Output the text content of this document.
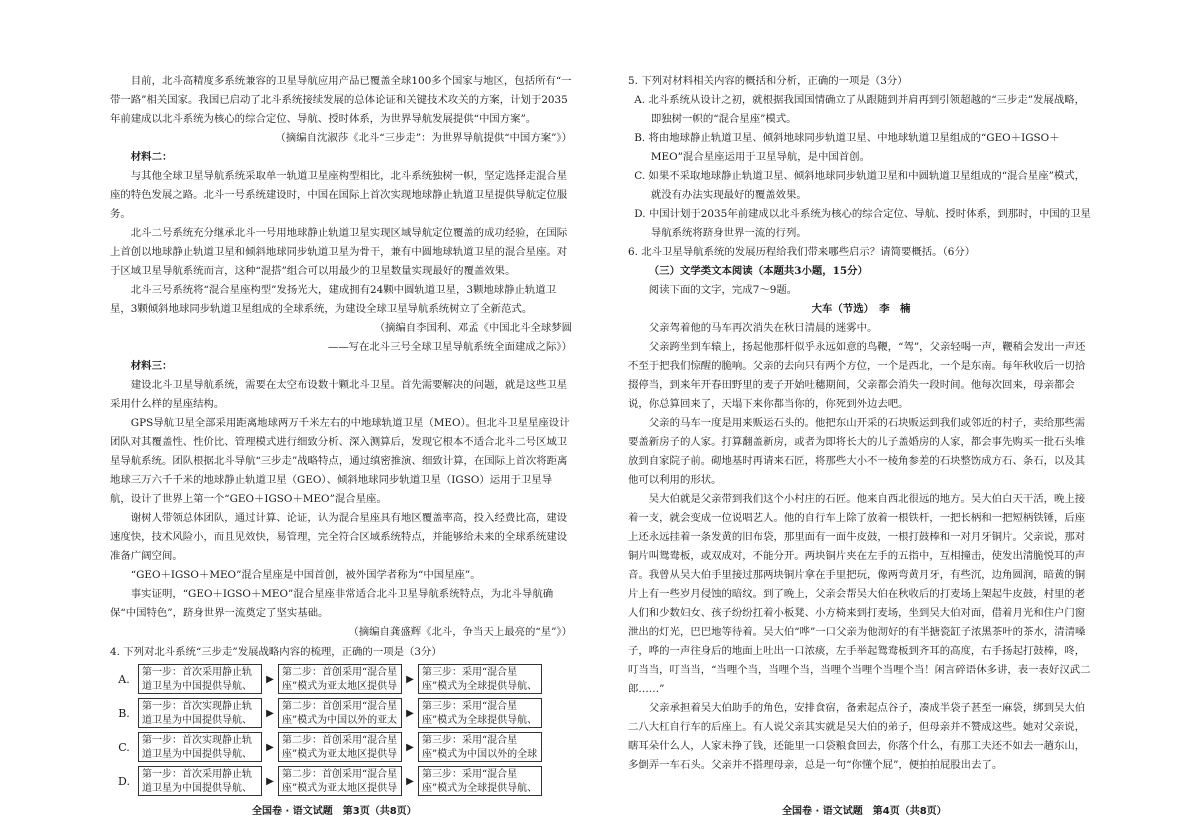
目前，北斗高精度多系统兼容的卫星导航应用产品已覆盖全球100多个国家与地区，包括所有“一带一路”相关国家。我国已启动了北斗系统接续发展的总体论证和关键技术攻关的方案，计划于2035年前建成以北斗系统为核心的综合定位、导航、授时体系，为世界导航发展提供“中国方案”。

（摘编自沈淑莎《北斗“三步走”：为世界导航提供“中国方案”》）

材料二：

与其他全球卫星导航系统采取单一轨道卫星座构型相比，北斗系统独树一帜，坚定选择走混合星座的特色发展之路。北斗一号系统建设时，中国在国际上首次实现地球静止轨道卫星提供导航定位服务。

北斗二号系统充分继承北斗一号用地球静止轨道卫星实现区域导航定位覆盖的成功经验，在国际上首创以地球静止轨道卫星和倾斜地球同步轨道卫星为骨干，兼有中圆地球轨道卫星的混合星座。对于区域卫星导航系统而言，这种“混搭”组合可以用最少的卫星数量实现最好的覆盖效果。

北斗三号系统将“混合星座构型”发扬光大，建成拥有24颗中圆轨道卫星，3颗地球静止轨道卫星，3颗倾斜地球同步轨道卫星组成的全球系统，为建设全球卫星导航系统树立了全新范式。

（摘编自李国利、邓孟《中国北斗全球梦圆

——写在北斗三号全球卫星导航系统全面建成之际》）

材料三：

建设北斗卫星导航系统，需要在太空布设数十颗北斗卫星。首先需要解决的问题，就是这些卫星采用什么样的星座结构。

GPS导航卫星全部采用距离地球两万千米左右的中地球轨道卫星（MEO）。但北斗卫星星座设计团队对其覆盖性、性价比、管理模式进行细致分析、深入测算后，发现它根本不适合北斗二号区域卫星导航系统。团队根据北斗导航“三步走”战略特点，通过缜密推演、细致计算，在国际上首次将距离地球三万六千千米的地球静止轨道卫星（GEO）、倾斜地球同步轨道卫星（IGSO）运用于卫星导航，设计了世界上第一个“GEO＋IGSO＋MEO”混合星座。

谢树人带领总体团队，通过计算、论证，认为混合星座具有地区覆盖率高，投入经费比高，建设速度快，技术风险小，而且见效快，易管理，完全符合区域系统特点，并能够给未来的全球系统建设准备广阔空间。

“GEO＋IGSO＋MEO”混合星座是中国首创，被外国学者称为“中国星座”。

事实证明，“GEO＋IGSO＋MEO”混合星座非常适合北斗卫星导航系统特点，为北斗导航确保“中国特色”，跻身世界一流奠定了坚实基础。

（摘编自龚盛辉《北斗，争当天上最亮的“星”》）

4. 下列对北斗系统“三步走”发展战略内容的梳理，正确的一项是（3分）

A.	第一步：首次采用静止轨道卫星为中国提供导航、
▶
第二步：首创采用“混合星座”模式为亚太地区提供导
▶
第三步：采用“混合星座”模式为全球提供导航、
B.	第一步：首次实现静止轨道卫星为中国提供导航、
▶
第二步：首创采用“混合星座”模式为中国以外的亚太
▶
第三步：采用“混合星座”模式为全球提供导航、
C.	第一步：首次实现静止轨道卫星为中国提供导航、
▶
第二步：首创采用“混合星座”模式为亚太地区提供导
▶
第三步：采用“混合星座”模式为中国以外的全球
D.	第一步：首次采用静止轨道卫星为中国提供导航、
▶
第二步：首创采用“混合星座”模式为亚太地区提供导
▶
第三步：采用“混合星座”模式为全球提供导航、

5. 下列对材料相关内容的概括和分析，正确的一项是（3分）

A. 北斗系统从设计之初，就根据我国国情确立了从跟随到并肩再到引领超越的“三步走”发展战略，即独树一帜的“混合星座”模式。

B. 将由地球静止轨道卫星、倾斜地球同步轨道卫星、中地球轨道卫星组成的“GEO＋IGSO＋MEO”混合星座运用于卫星导航，是中国首创。

C. 如果不采取地球静止轨道卫星、倾斜地球同步轨道卫星和中圆轨道卫星组成的“混合星座”模式，就没有办法实现最好的覆盖效果。

D. 中国计划于2035年前建成以北斗系统为核心的综合定位、导航、授时体系，到那时，中国的卫星导航系统将跻身世界一流的行列。

6. 北斗卫星导航系统的发展历程给我们带来哪些启示？请简要概括。（6分）

（三）文学类文本阅读（本题共3小题，15分）

阅读下面的文字，完成7～9题。

大车（节选）　李　楠

父亲驾着他的马车再次消失在秋日清晨的迷雾中。

父亲跨坐到车辕上，扬起他那杆似乎永远如意的鸟鞭，“驾”，父亲轻喝一声，鞭稍会发出一声还不至于把我们惊醒的脆响。父亲的去向只有两个方位，一个是西北，一个是东南。每年秋收后一切拾掇停当，到来年开春田野里的麦子开始吐穗期间，父亲都会消失一段时间。他每次回来，母亲都会说，你总算回来了，天塌下来你都当你的，你死到外边去吧。

父亲的马车一度是用来贩运石头的。他把东山开采的石块贩运到我们或邻近的村子，卖给那些需要盖新房子的人家。打算翻盖新房，或者为即将长大的儿子盖婚房的人家，都会事先购买一批石头堆放到自家院子前。砌地基时再请来石匠，将那些大小不一棱角参差的石块整饬成方石、条石，以及其他可以利用的形状。

吴大伯就是父亲带到我们这个小村庄的石匠。他来自西北很远的地方。吴大伯白天干活，晚上接着一支，就会变成一位说唱艺人。他的自行车上除了放着一根铁杆，一把长柄和一把短柄铁锤，后座上还永远挂着一条发黄的旧布袋，那里面有一面牛皮鼓，一根打鼓棒和一对月牙铜片。父亲说，那对铜片叫鸳鸯板，或双成对，不能分开。两块铜片夹在左手的五指中，互相撞击，使发出清脆悦耳的声音。我曾从吴大伯手里接过那两块铜片拿在手里把玩，像两弯黄月牙，有些沉，边角圆润，暗黄的铜片上有一些岁月侵蚀的暗纹。到了晚上，父亲会帮吴大伯在秋收后的打麦场上架起牛皮鼓，村里的老人们和少数妇女、孩子纷纷扛着小板凳、小方椅来到打麦场，坐到吴大伯对面，借着月光和住户门窗泄出的灯光，巴巴地等待着。吴大伯“哗”一口父亲为他沏好的有半搪瓷缸子浓黑茶叶的茶水，清清嗓子，哗的一声往身后的地面上吐出一口浓痰，左手举起鸳鸯板到齐耳的高度，右手扬起打鼓棒，咚，叮当当，叮当当，“当哩个当，当哩个当，当哩个当哩个当哩个当！闲言碎语休多讲，表一表好汉武二郎……”

父亲承担着吴大伯助手的角色，安排食宿，备索起点谷子，凑成半袋子甚至一麻袋，绑到吴大伯二八大杠自行车的后座上。有人说父亲其实就是吴大伯的弟子，但母亲并不赞成这些。她对父亲说，瞎耳朵什么人，人家未挣了钱，还能里一口袋粮食回去，你落个什么，有那工夫还不如去一趟东山，多倒弄一车石头。父亲并不搭理母亲，总是一句“你懂个屁”，便拍拍屁股出去了。

全国卷 · 语文试题　第3页（共8页）	全国卷 · 语文试题　第4页（共8页）
